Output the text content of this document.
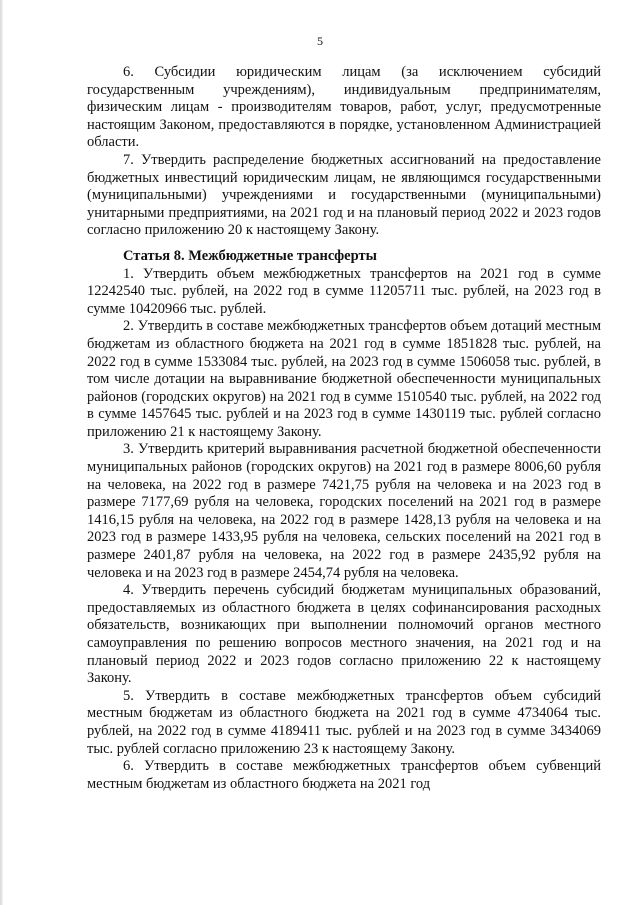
5

6. Субсидии юридическим лицам (за исключением субсидий государственным учреждениям), индивидуальным предпринимателям, физическим лицам - производителям товаров, работ, услуг, предусмотренные настоящим Законом, предоставляются в порядке, установленном Администрацией области.

7. Утвердить распределение бюджетных ассигнований на предоставление бюджетных инвестиций юридическим лицам, не являющимся государственными (муниципальными) учреждениями и государственными (муниципальными) унитарными предприятиями, на 2021 год и на плановый период 2022 и 2023 годов согласно приложению 20 к настоящему Закону.

Статья 8. Межбюджетные трансферты

1. Утвердить объем межбюджетных трансфертов на 2021 год в сумме 12242540 тыс. рублей, на 2022 год в сумме 11205711 тыс. рублей, на 2023 год в сумме 10420966 тыс. рублей.

2. Утвердить в составе межбюджетных трансфертов объем дотаций местным бюджетам из областного бюджета на 2021 год в сумме 1851828 тыс. рублей, на 2022 год в сумме 1533084 тыс. рублей, на 2023 год в сумме 1506058 тыс. рублей, в том числе дотации на выравнивание бюджетной обеспеченности муниципальных районов (городских округов) на 2021 год в сумме 1510540 тыс. рублей, на 2022 год в сумме 1457645 тыс. рублей и на 2023 год в сумме 1430119 тыс. рублей согласно приложению 21 к настоящему Закону.

3. Утвердить критерий выравнивания расчетной бюджетной обеспеченности муниципальных районов (городских округов) на 2021 год в размере 8006,60 рубля на человека, на 2022 год в размере 7421,75 рубля на человека и на 2023 год в размере 7177,69 рубля на человека, городских поселений на 2021 год в размере 1416,15 рубля на человека, на 2022 год в размере 1428,13 рубля на человека и на 2023 год в размере 1433,95 рубля на человека, сельских поселений на 2021 год в размере 2401,87 рубля на человека, на 2022 год в размере 2435,92 рубля на человека и на 2023 год в размере 2454,74 рубля на человека.

4. Утвердить перечень субсидий бюджетам муниципальных образований, предоставляемых из областного бюджета в целях софинансирования расходных обязательств, возникающих при выполнении полномочий органов местного самоуправления по решению вопросов местного значения, на 2021 год и на плановый период 2022 и 2023 годов согласно приложению 22 к настоящему Закону.

5. Утвердить в составе межбюджетных трансфертов объем субсидий местным бюджетам из областного бюджета на 2021 год в сумме 4734064 тыс. рублей, на 2022 год в сумме 4189411 тыс. рублей и на 2023 год в сумме 3434069 тыс. рублей согласно приложению 23 к настоящему Закону.

6. Утвердить в составе межбюджетных трансфертов объем субвенций местным бюджетам из областного бюджета на 2021 год
